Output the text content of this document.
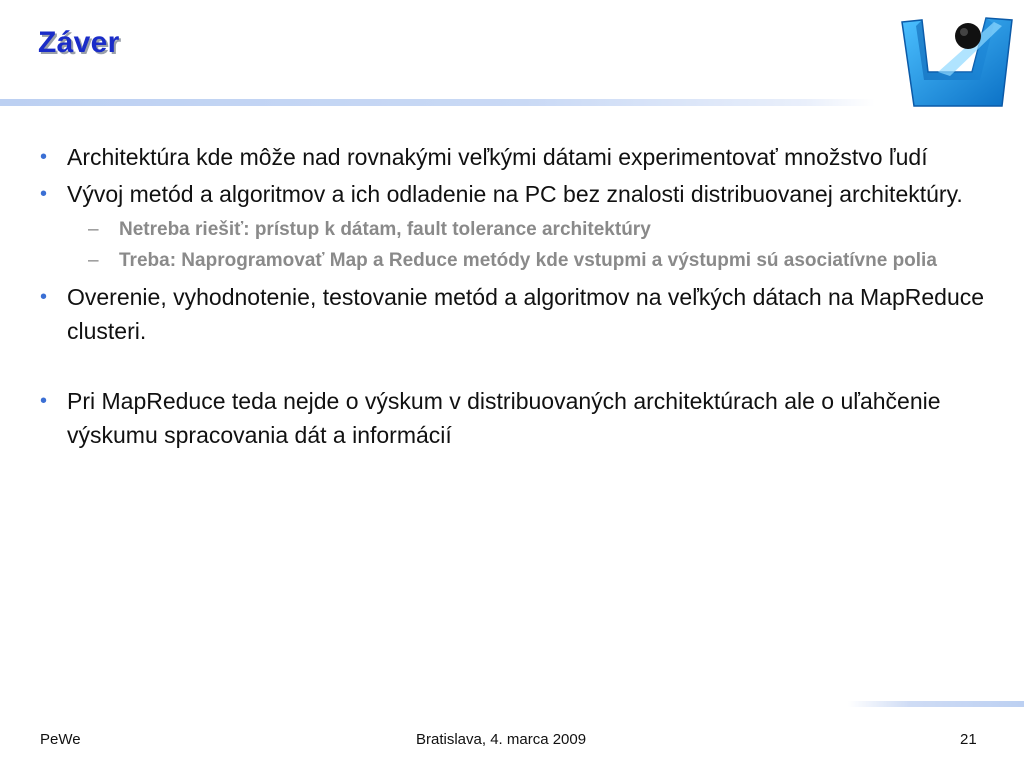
Záver
• Architektúra kde môže nad rovnakými veľkými dátami experimentovať množstvo ľudí
• Vývoj metód a algoritmov a ich odladenie na PC bez znalosti distribuovanej architektúry.
– Netreba riešiť: prístup k dátam, fault tolerance architektúry
– Treba: Naprogramovať Map a Reduce metódy kde vstupmi a výstupmi sú asociatívne polia
• Overenie, vyhodnotenie, testovanie metód a algoritmov na veľkých dátach na MapReduce clusteri.
• Pri MapReduce teda nejde o výskum v distribuovaných architektúrach ale o uľahčenie výskumu spracovania dát a informácií
PeWe	Bratislava, 4. marca 2009	21
